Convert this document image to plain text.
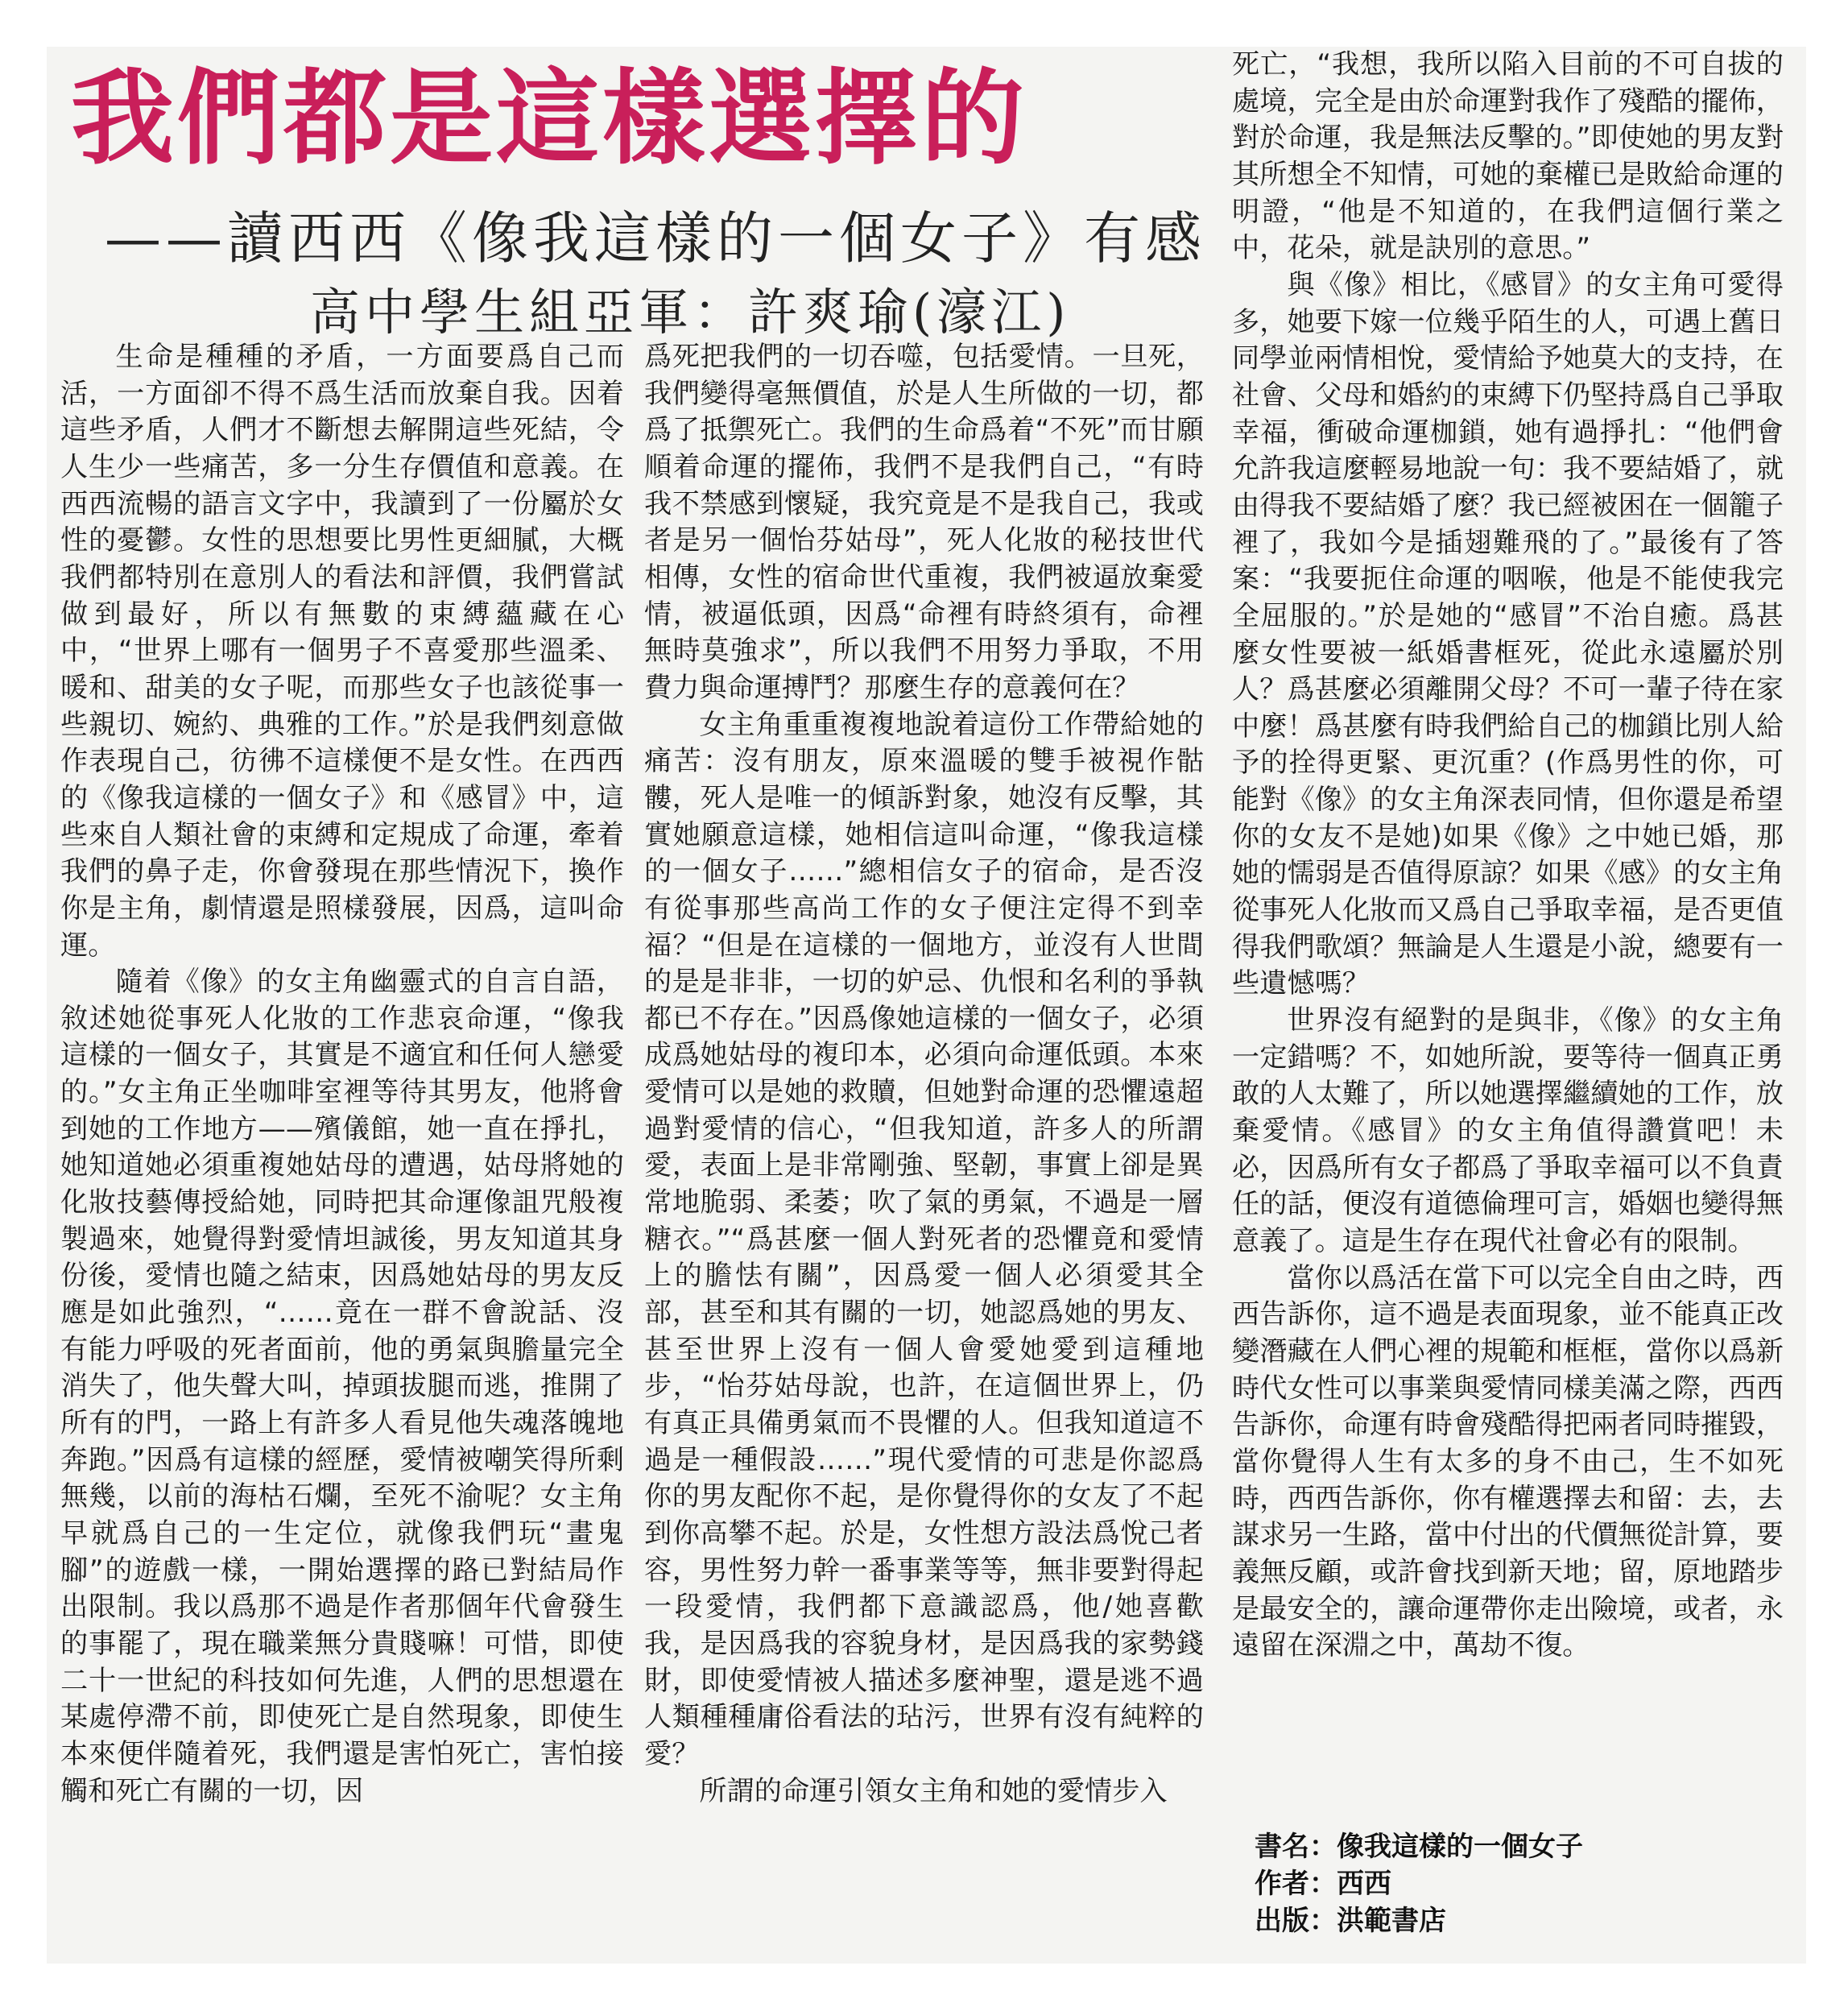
我們都是這樣選擇的
——讀西西《像我這樣的一個女子》有感
高中學生組亞軍：許爽瑜(濠江)

生命是種種的矛盾，一方面要爲自己而活，一方面卻不得不爲生活而放棄自我。因着這些矛盾，人們才不斷想去解開這些死結，令人生少一些痛苦，多一分生存價值和意義。在西西流暢的語言文字中，我讀到了一份屬於女性的憂鬱。女性的思想要比男性更細膩，大概我們都特別在意別人的看法和評價，我們嘗試做到最好，所以有無數的束縛蘊藏在心中，“世界上哪有一個男子不喜愛那些溫柔、暖和、甜美的女子呢，而那些女子也該從事一些親切、婉約、典雅的工作。”於是我們刻意做作表現自己，彷彿不這樣便不是女性。在西西的《像我這樣的一個女子》和《感冒》中，這些來自人類社會的束縛和定規成了命運，牽着我們的鼻子走，你會發現在那些情況下，換作你是主角，劇情還是照樣發展，因爲，這叫命運。

隨着《像》的女主角幽靈式的自言自語，敘述她從事死人化妝的工作悲哀命運，“像我這樣的一個女子，其實是不適宜和任何人戀愛的。”女主角正坐咖啡室裡等待其男友，他將會到她的工作地方——殯儀館，她一直在掙扎，她知道她必須重複她姑母的遭遇，姑母將她的化妝技藝傳授給她，同時把其命運像詛咒般複製過來，她覺得對愛情坦誠後，男友知道其身份後，愛情也隨之結束，因爲她姑母的男友反應是如此強烈，“……竟在一群不會說話、沒有能力呼吸的死者面前，他的勇氣與膽量完全消失了，他失聲大叫，掉頭拔腿而逃，推開了所有的門，一路上有許多人看見他失魂落魄地奔跑。”因爲有這樣的經歷，愛情被嘲笑得所剩無幾，以前的海枯石爛，至死不渝呢？女主角早就爲自己的一生定位，就像我們玩“畫鬼腳”的遊戲一樣，一開始選擇的路已對結局作出限制。我以爲那不過是作者那個年代會發生的事罷了，現在職業無分貴賤嘛！可惜，即使二十一世紀的科技如何先進，人們的思想還在某處停滯不前，即使死亡是自然現象，即使生本來便伴隨着死，我們還是害怕死亡，害怕接觸和死亡有關的一切，因

爲死把我們的一切吞噬，包括愛情。一旦死，我們變得毫無價值，於是人生所做的一切，都爲了抵禦死亡。我們的生命爲着“不死”而甘願順着命運的擺佈，我們不是我們自己，“有時我不禁感到懷疑，我究竟是不是我自己，我或者是另一個怡芬姑母”，死人化妝的秘技世代相傳，女性的宿命世代重複，我們被逼放棄愛情，被逼低頭，因爲“命裡有時終須有，命裡無時莫強求”，所以我們不用努力爭取，不用費力與命運搏鬥？那麼生存的意義何在？

女主角重重複複地說着這份工作帶給她的痛苦：沒有朋友，原來溫暖的雙手被視作骷髏，死人是唯一的傾訴對象，她沒有反擊，其實她願意這樣，她相信這叫命運，“像我這樣的一個女子……”總相信女子的宿命，是否沒有從事那些高尚工作的女子便注定得不到幸福？“但是在這樣的一個地方，並沒有人世間的是是非非，一切的妒忌、仇恨和名利的爭執都已不存在。”因爲像她這樣的一個女子，必須成爲她姑母的複印本，必須向命運低頭。本來愛情可以是她的救贖，但她對命運的恐懼遠超過對愛情的信心，“但我知道，許多人的所謂愛，表面上是非常剛強、堅韌，事實上卻是異常地脆弱、柔萎；吹了氣的勇氣，不過是一層糖衣。”“爲甚麼一個人對死者的恐懼竟和愛情上的膽怯有關”，因爲愛一個人必須愛其全部，甚至和其有關的一切，她認爲她的男友、甚至世界上沒有一個人會愛她愛到這種地步，“怡芬姑母說，也許，在這個世界上，仍有真正具備勇氣而不畏懼的人。但我知道這不過是一種假設……”現代愛情的可悲是你認爲你的男友配你不起，是你覺得你的女友了不起到你高攀不起。於是，女性想方設法爲悅己者容，男性努力幹一番事業等等，無非要對得起一段愛情，我們都下意識認爲，他/她喜歡我，是因爲我的容貌身材，是因爲我的家勢錢財，即使愛情被人描述多麼神聖，還是逃不過人類種種庸俗看法的玷污，世界有沒有純粹的愛？

所謂的命運引領女主角和她的愛情步入

死亡，“我想，我所以陷入目前的不可自拔的處境，完全是由於命運對我作了殘酷的擺佈，對於命運，我是無法反擊的。”即使她的男友對其所想全不知情，可她的棄權已是敗給命運的明證，“他是不知道的，在我們這個行業之中，花朵，就是訣別的意思。”

與《像》相比，《感冒》的女主角可愛得多，她要下嫁一位幾乎陌生的人，可遇上舊日同學並兩情相悅，愛情給予她莫大的支持，在社會、父母和婚約的束縛下仍堅持爲自己爭取幸福，衝破命運枷鎖，她有過掙扎：“他們會允許我這麼輕易地說一句：我不要結婚了，就由得我不要結婚了麼？我已經被困在一個籠子裡了，我如今是插翅難飛的了。”最後有了答案：“我要扼住命運的咽喉，他是不能使我完全屈服的。”於是她的“感冒”不治自癒。爲甚麼女性要被一紙婚書框死，從此永遠屬於別人？爲甚麼必須離開父母？不可一輩子待在家中麼！爲甚麼有時我們給自己的枷鎖比別人給予的拴得更緊、更沉重？(作爲男性的你，可能對《像》的女主角深表同情，但你還是希望你的女友不是她)如果《像》之中她已婚，那她的懦弱是否值得原諒？如果《感》的女主角從事死人化妝而又爲自己爭取幸福，是否更值得我們歌頌？無論是人生還是小說，總要有一些遺憾嗎？

世界沒有絕對的是與非，《像》的女主角一定錯嗎？不，如她所說，要等待一個真正勇敢的人太難了，所以她選擇繼續她的工作，放棄愛情。《感冒》的女主角值得讚賞吧！未必，因爲所有女子都爲了爭取幸福可以不負責任的話，便沒有道德倫理可言，婚姻也變得無意義了。這是生存在現代社會必有的限制。

當你以爲活在當下可以完全自由之時，西西告訴你，這不過是表面現象，並不能真正改變潛藏在人們心裡的規範和框框，當你以爲新時代女性可以事業與愛情同樣美滿之際，西西告訴你，命運有時會殘酷得把兩者同時摧毀，當你覺得人生有太多的身不由己，生不如死時，西西告訴你，你有權選擇去和留：去，去謀求另一生路，當中付出的代價無從計算，要義無反顧，或許會找到新天地；留，原地踏步是最安全的，讓命運帶你走出險境，或者，永遠留在深淵之中，萬劫不復。

書名：像我這樣的一個女子
作者：西西
出版：洪範書店
